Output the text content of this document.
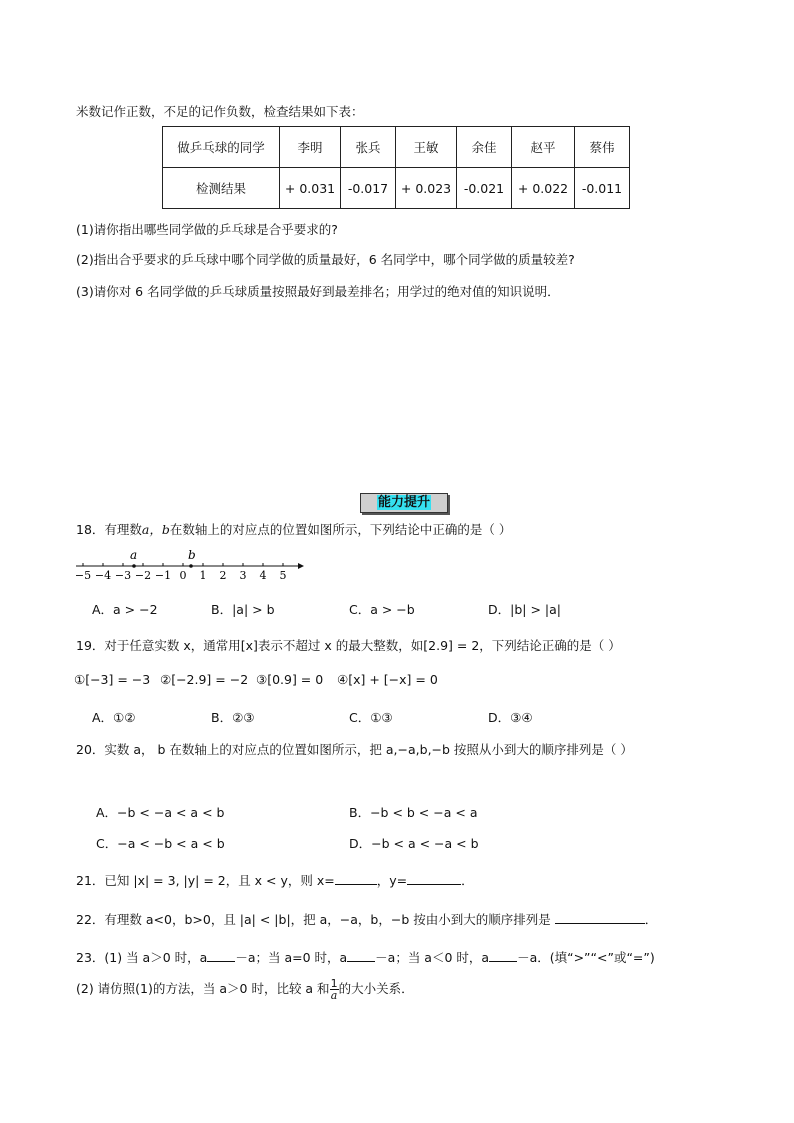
米数记作正数，不足的记作负数，检查结果如下表：
做乒乓球的同学	李明	张兵	王敏	余佳	赵平	蔡伟
检测结果	+ 0.031	-0.017	+ 0.023	-0.021	+ 0.022	-0.011
(1)请你指出哪些同学做的乒乓球是合乎要求的?
(2)指出合乎要求的乒乓球中哪个同学做的质量最好，6 名同学中，哪个同学做的质量较差?
(3)请你对 6 名同学做的乒乓球质量按照最好到最差排名；用学过的绝对值的知识说明．
能力提升
18．有理数a，b在数轴上的对应点的位置如图所示，下列结论中正确的是（ ）
−5 −4 −3 −2 −1 0 1 2 3 4 5
a	b
A．a > −2	B．|a| > b	C．a > −b	D．|b| > |a|
19．对于任意实数 x，通常用[x]表示不超过 x 的最大整数，如[2.9] = 2，下列结论正确的是（ ）
①[−3] = −3 ②[−2.9] = −2 ③[0.9] = 0 ④[x] + [−x] = 0
A．①②	B．②③	C．①③	D．③④
20．实数 a， b 在数轴上的对应点的位置如图所示，把 a,−a,b,−b 按照从小到大的顺序排列是（ ）
A．−b < −a < a < b	B．−b < b < −a < a
C．−a < −b < a < b	D．−b < a < −a < b
21．已知 |x| = 3, |y| = 2，且 x < y，则 x=	，y=	．
22．有理数 a<0，b>0，且 |a| < |b|，把 a，−a，b，−b 按由小到大的顺序排列是	．
23．(1) 当 a＞0 时，a －a；当 a=0 时，a －a；当 a＜0 时，a －a．(填“>”“<”或“=”)
(2) 请仿照(1)的方法，当 a＞0 时，比较 a 和 $\frac{1}{a}$ 的大小关系．
